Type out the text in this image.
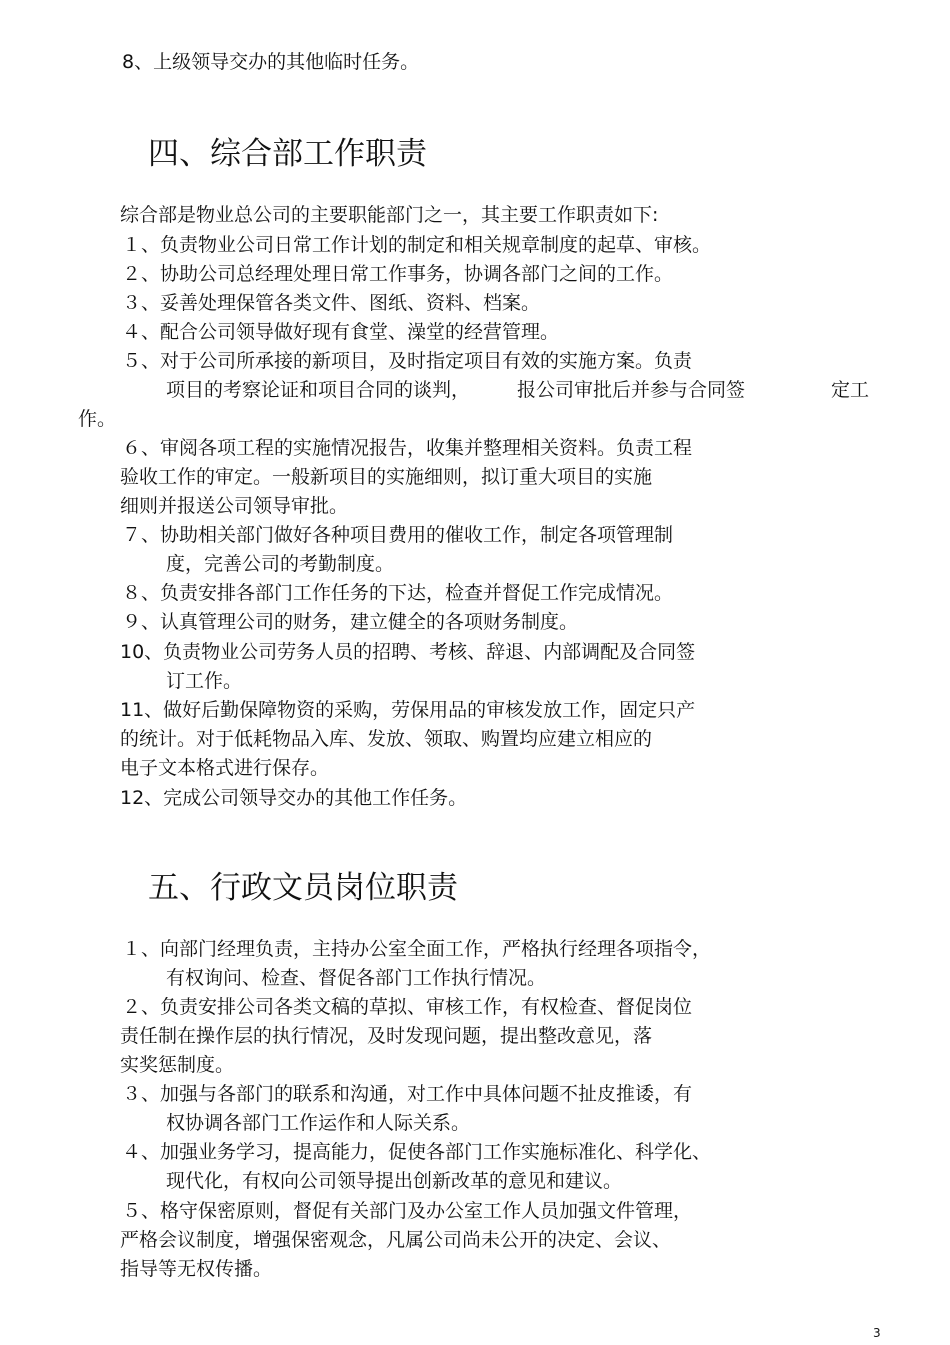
8、上级领导交办的其他临时任务。
四、综合部工作职责
综合部是物业总公司的主要职能部门之一，其主要工作职责如下:
１、负责物业公司日常工作计划的制定和相关规章制度的起草、审核。
２、协助公司总经理处理日常工作事务，协调各部门之间的工作。
３、妥善处理保管各类文件、图纸、资料、档案。
４、配合公司领导做好现有食堂、澡堂的经营管理。
５、对于公司所承接的新项目，及时指定项目有效的实施方案。负责
项目的考察论证和项目合同的谈判， 报公司审批后并参与合同签	定工
作。
６、审阅各项工程的实施情况报告，收集并整理相关资料。负责工程
验收工作的审定。一般新项目的实施细则，拟订重大项目的实施
细则并报送公司领导审批。
７、协助相关部门做好各种项目费用的催收工作，制定各项管理制
度，完善公司的考勤制度。
８、负责安排各部门工作任务的下达，检查并督促工作完成情况。
９、认真管理公司的财务，建立健全的各项财务制度。
10、负责物业公司劳务人员的招聘、考核、辞退、内部调配及合同签
订工作。
11、做好后勤保障物资的采购，劳保用品的审核发放工作，固定只产
的统计。对于低耗物品入库、发放、领取、购置均应建立相应的
电子文本格式进行保存。
12、完成公司领导交办的其他工作任务。
五、行政文员岗位职责
１、向部门经理负责，主持办公室全面工作，严格执行经理各项指令，
有权询问、检查、督促各部门工作执行情况。
２、负责安排公司各类文稿的草拟、审核工作，有权检查、督促岗位
责任制在操作层的执行情况，及时发现问题，提出整改意见，落
实奖惩制度。
３、加强与各部门的联系和沟通，对工作中具体问题不扯皮推诿，有
权协调各部门工作运作和人际关系。
４、加强业务学习，提高能力，促使各部门工作实施标准化、科学化、
现代化，有权向公司领导提出创新改革的意见和建议。
５、格守保密原则，督促有关部门及办公室工作人员加强文件管理，
严格会议制度，增强保密观念，凡属公司尚未公开的决定、会议、
指导等无权传播。
3
